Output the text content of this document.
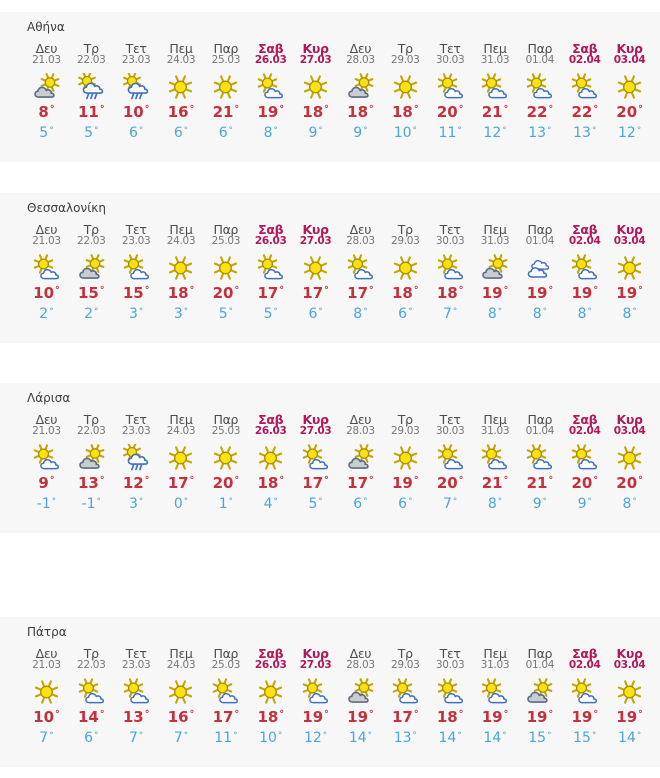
Αθήνα
Δευ
21.03
8°
5°
Τρ
22.03
11°
5°
Τετ
23.03
10°
6°
Πεμ
24.03
16°
6°
Παρ
25.03
21°
6°
Σαβ
26.03
19°
8°
Κυρ
27.03
18°
9°
Δευ
28.03
18°
9°
Τρ
29.03
18°
10°
Τετ
30.03
20°
11°
Πεμ
31.03
21°
12°
Παρ
01.04
22°
13°
Σαβ
02.04
22°
13°
Κυρ
03.04
20°
12°
Θεσσαλονίκη
Δευ
21.03
10°
2°
Τρ
22.03
15°
2°
Τετ
23.03
15°
3°
Πεμ
24.03
18°
3°
Παρ
25.03
20°
5°
Σαβ
26.03
17°
5°
Κυρ
27.03
17°
6°
Δευ
28.03
17°
8°
Τρ
29.03
18°
6°
Τετ
30.03
18°
7°
Πεμ
31.03
19°
8°
Παρ
01.04
19°
8°
Σαβ
02.04
19°
8°
Κυρ
03.04
19°
8°
Λάρισα
Δευ
21.03
9°
-1°
Τρ
22.03
13°
-1°
Τετ
23.03
12°
3°
Πεμ
24.03
17°
0°
Παρ
25.03
20°
1°
Σαβ
26.03
18°
4°
Κυρ
27.03
17°
5°
Δευ
28.03
17°
6°
Τρ
29.03
19°
6°
Τετ
30.03
20°
7°
Πεμ
31.03
21°
8°
Παρ
01.04
21°
9°
Σαβ
02.04
20°
9°
Κυρ
03.04
20°
8°
Πάτρα
Δευ
21.03
10°
7°
Τρ
22.03
14°
6°
Τετ
23.03
13°
7°
Πεμ
24.03
16°
7°
Παρ
25.03
17°
11°
Σαβ
26.03
18°
10°
Κυρ
27.03
19°
12°
Δευ
28.03
19°
14°
Τρ
29.03
17°
13°
Τετ
30.03
18°
14°
Πεμ
31.03
19°
14°
Παρ
01.04
19°
15°
Σαβ
02.04
19°
15°
Κυρ
03.04
19°
14°
